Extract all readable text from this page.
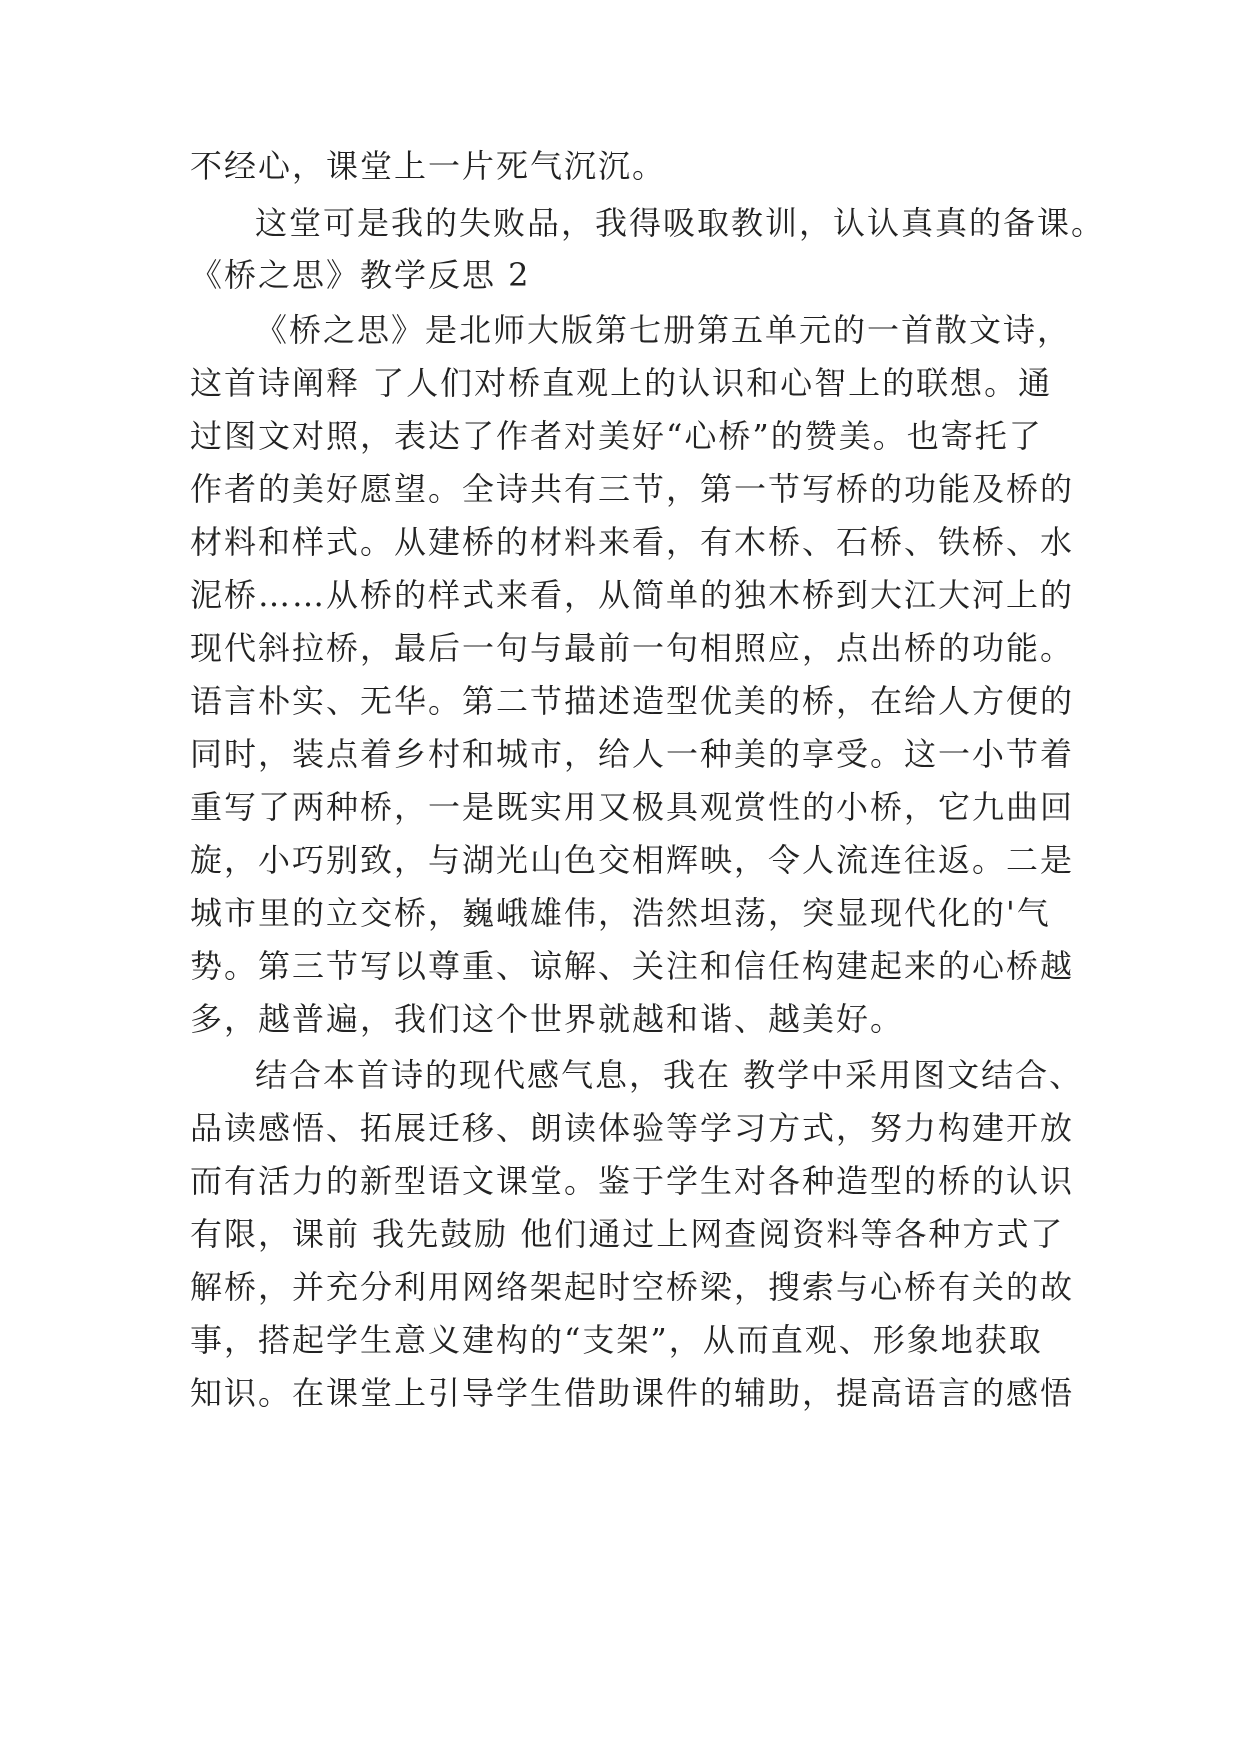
不经心，课堂上一片死气沉沉。
这堂可是我的失败品，我得吸取教训，认认真真的备课。
《桥之思》教学反思 2
《桥之思》是北师大版第七册第五单元的一首散文诗，
这首诗阐释 了人们对桥直观上的认识和心智上的联想。通
过图文对照，表达了作者对美好“心桥”的赞美。也寄托了
作者的美好愿望。全诗共有三节，第一节写桥的功能及桥的
材料和样式。从建桥的材料来看，有木桥、石桥、铁桥、水
泥桥……从桥的样式来看，从简单的独木桥到大江大河上的
现代斜拉桥，最后一句与最前一句相照应，点出桥的功能。
语言朴实、无华。第二节描述造型优美的桥，在给人方便的
同时，装点着乡村和城市，给人一种美的享受。这一小节着
重写了两种桥，一是既实用又极具观赏性的小桥，它九曲回
旋，小巧别致，与湖光山色交相辉映，令人流连往返。二是
城市里的立交桥，巍峨雄伟，浩然坦荡，突显现代化的'气
势。第三节写以尊重、谅解、关注和信任构建起来的心桥越
多，越普遍，我们这个世界就越和谐、越美好。
结合本首诗的现代感气息，我在 教学中采用图文结合、
品读感悟、拓展迁移、朗读体验等学习方式，努力构建开放
而有活力的新型语文课堂。鉴于学生对各种造型的桥的认识
有限，课前 我先鼓励 他们通过上网查阅资料等各种方式了
解桥，并充分利用网络架起时空桥梁，搜索与心桥有关的故
事，搭起学生意义建构的“支架”，从而直观、形象地获取
知识。在课堂上引导学生借助课件的辅助，提高语言的感悟
